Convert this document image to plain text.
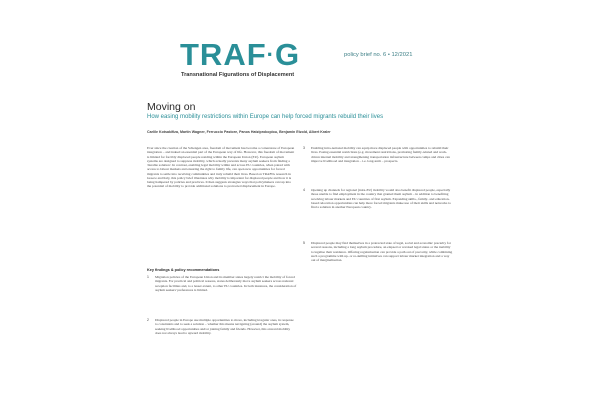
TRAF·G
Transnational Figurations of Displacement
policy brief no. 6 • 12/2021
Moving on
How easing mobility restrictions within Europe can help forced migrants rebuild their lives
Carlile Kotsakifiza, Martin Wagner, Ferruccio Pastore, Panos Hatziprokopiou, Benjamin Etzold, Albert Kraler
Ever since the creation of the Schengen area, freedom of movement has become a cornerstone of European integration – and indeed an essential part of the European way of life. However, this freedom of movement is limited for forcibly displaced people residing within the European Union (EU). European asylum systems are designed to suppress mobility, which actually prevents many asylum seekers from finding a 'durable solution'. In contrast, enabling legal mobility within and across EU countries, when paired with access to labour markets and ensuring the right to family life, can open new opportunities for forced migrants to settle into receiving communities and truly rebuild their lives. Based on TRAFIG research in Greece and Italy, this policy brief illustrates why mobility is important for displaced people and how it is being hampered by policies and practices. It then suggests strategies ways that policymakers can tap into the potential of mobility to provide additional solutions to protracted displacement in Europe.
Key findings & policy recommendations
1	Migration policies of the European Union and its member states largely restrict the mobility of forced migrants. For practical and political reasons, states deliberately move asylum seekers across national reception facilities and, to a lesser extent, to other EU countries. In both instances, the consideration of asylum seekers' preferences is limited.
2	Displaced people in Europe use multiple opportunities to move, including irregular ones, in response to constraints and to seek a solution – whether this means navigating (around) the asylum system, seeking livelihood opportunities and/or joining family and friends. However, this onward mobility does not always lead to upward mobility.
3	Enabling intra-national mobility can equip more displaced people with opportunities to rebuild their lives. Easing essential restrictions (e.g. movement restrictions, promoting family-related and work-driven internal mobility and strengthening transportation infrastructure between camps and cities can improve livelihood and integration – i.e. long-term – prospects.
4	Opening up channels for regional (intra-EU) mobility would also benefit displaced people, especially those unable to find employment in the country that granted them asylum – in addition to benefiting receiving labour markets and EU countries of first asylum. Expanding skills-, family- and education-based relocation opportunities can help more forced migrants make use of their skills and networks to find a solution in another European country.
5	Displaced people may find themselves in a protracted state of legal, social and economic precarity for several reasons, including a long asylum procedure, an elapsed or revoked legal status or the inability to legalise their residence. Offering regularisation can provide a path out of precarity, while combining such a programme with up- or re-skilling initiatives can support labour market integration and a way out of marginalisation.
